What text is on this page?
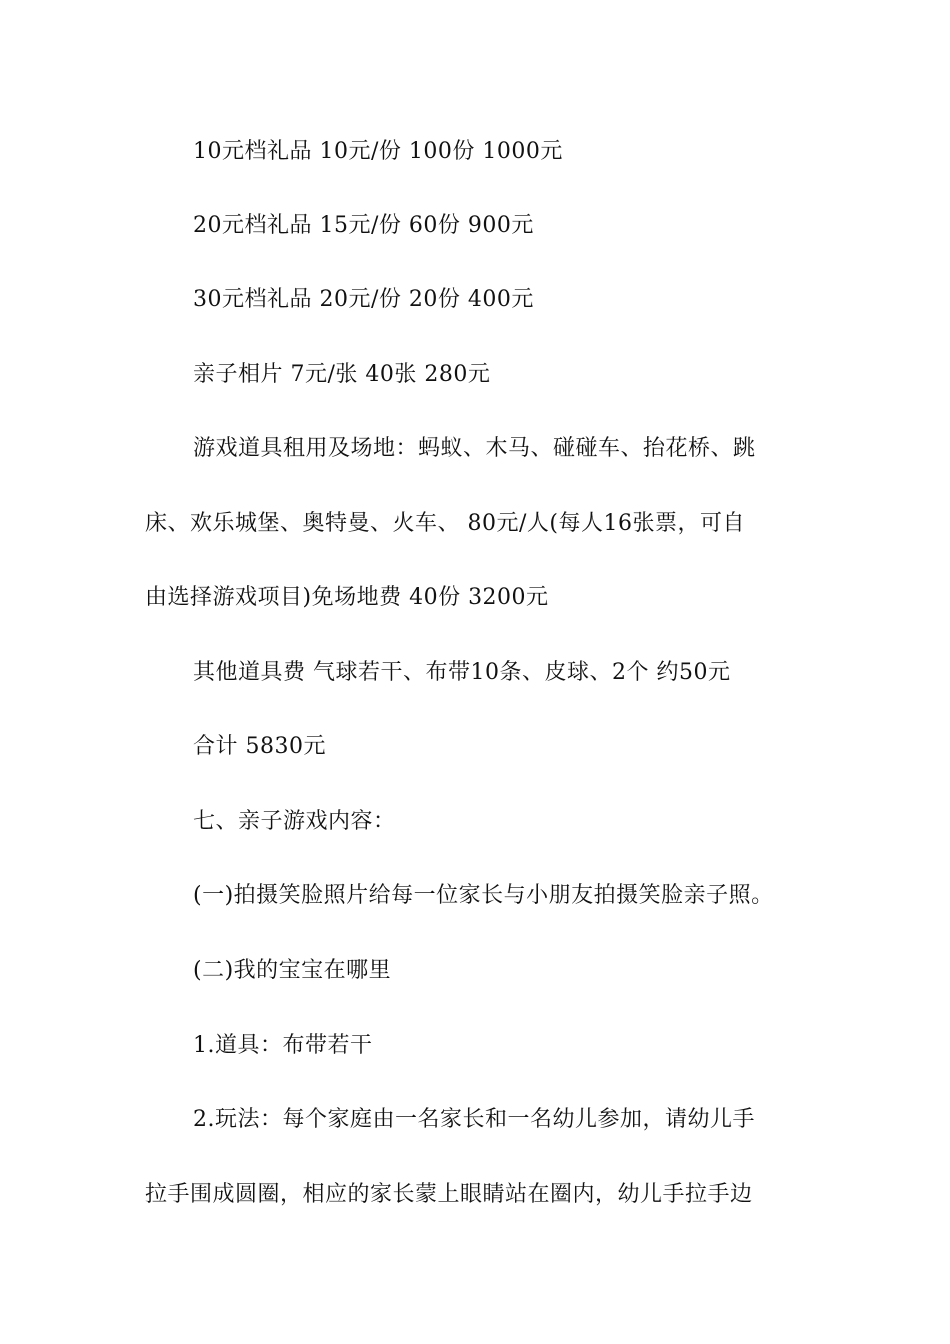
10元档礼品 10元/份 100份 1000元
20元档礼品 15元/份 60份 900元
30元档礼品 20元/份 20份 400元
亲子相片 7元/张 40张 280元
游戏道具租用及场地：蚂蚁、木马、碰碰车、抬花桥、跳
床、欢乐城堡、奥特曼、火车、 80元/人(每人16张票，可自
由选择游戏项目)免场地费 40份 3200元
其他道具费 气球若干、布带10条、皮球、2个 约50元
合计 5830元
七、亲子游戏内容：
(一)拍摄笑脸照片给每一位家长与小朋友拍摄笑脸亲子照。
(二)我的宝宝在哪里
1.道具：布带若干
2.玩法：每个家庭由一名家长和一名幼儿参加，请幼儿手
拉手围成圆圈，相应的家长蒙上眼睛站在圈内，幼儿手拉手边
